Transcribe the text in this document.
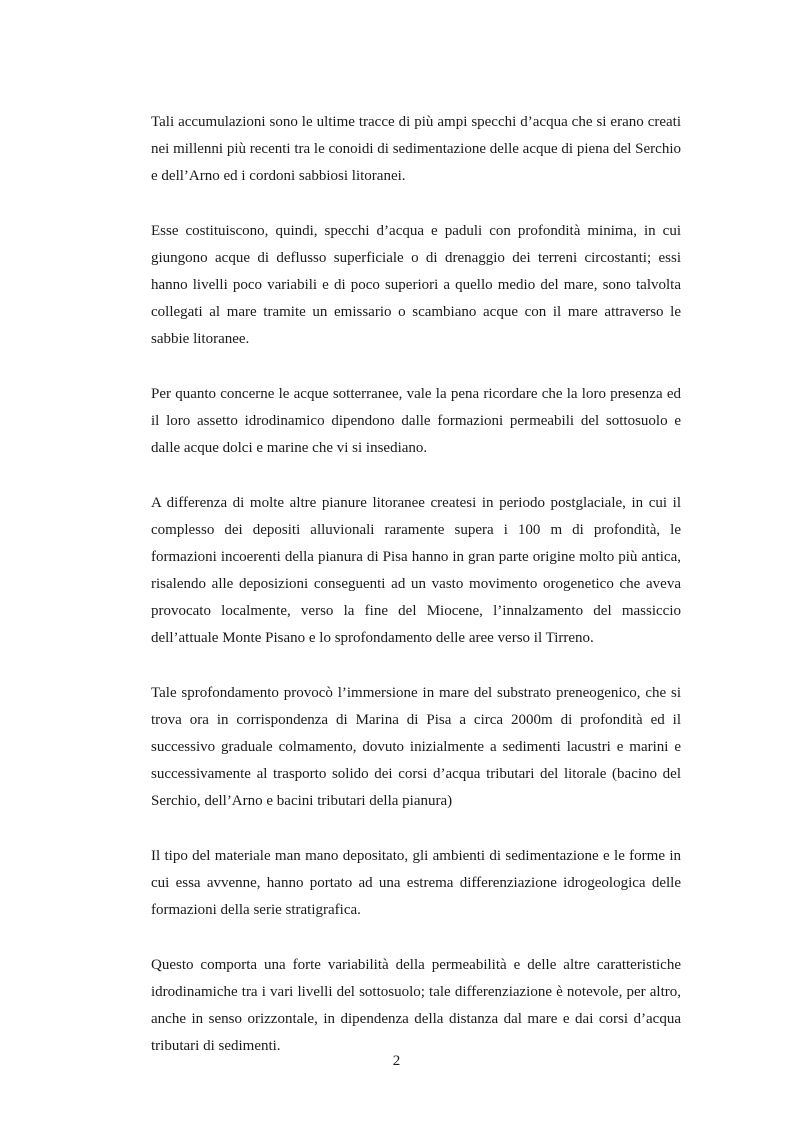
Tali accumulazioni sono le ultime tracce di più ampi specchi d’acqua che si erano creati nei millenni più recenti tra le conoidi di sedimentazione delle acque di piena del Serchio e dell’Arno ed i cordoni sabbiosi litoranei.

Esse costituiscono, quindi, specchi d’acqua e paduli con profondità minima, in cui giungono acque di deflusso superficiale o di drenaggio dei terreni circostanti; essi hanno livelli poco variabili e di poco superiori a quello medio del mare, sono talvolta collegati al mare tramite un emissario o scambiano acque con il mare attraverso le sabbie litoranee.

Per quanto concerne le acque sotterranee, vale la pena ricordare che la loro presenza ed il loro assetto idrodinamico dipendono dalle formazioni permeabili del sottosuolo e dalle acque dolci e marine che vi si insediano.

A differenza di molte altre pianure litoranee createsi in periodo postglaciale, in cui il complesso dei depositi alluvionali raramente supera i 100 m di profondità, le formazioni incoerenti della pianura di Pisa hanno in gran parte origine molto più antica, risalendo alle deposizioni conseguenti ad un vasto movimento orogenetico che aveva provocato localmente, verso la fine del Miocene, l’innalzamento del massiccio dell’attuale Monte Pisano e lo sprofondamento delle aree verso il Tirreno.

Tale sprofondamento provocò l’immersione in mare del substrato preneogenico, che si trova ora in corrispondenza di Marina di Pisa a circa 2000m di profondità ed il successivo graduale colmamento, dovuto inizialmente a sedimenti lacustri e marini e successivamente al trasporto solido dei corsi d’acqua tributari del litorale (bacino del Serchio, dell’Arno e bacini tributari della pianura)

Il tipo del materiale man mano depositato, gli ambienti di sedimentazione e le forme in cui essa avvenne, hanno portato ad una estrema differenziazione idrogeologica delle formazioni della serie stratigrafica.

Questo comporta una forte variabilità della permeabilità e delle altre caratteristiche idrodinamiche tra i vari livelli del sottosuolo; tale differenziazione è notevole, per altro, anche in senso orizzontale, in dipendenza della distanza dal mare e dai corsi d’acqua tributari di sedimenti.

2
